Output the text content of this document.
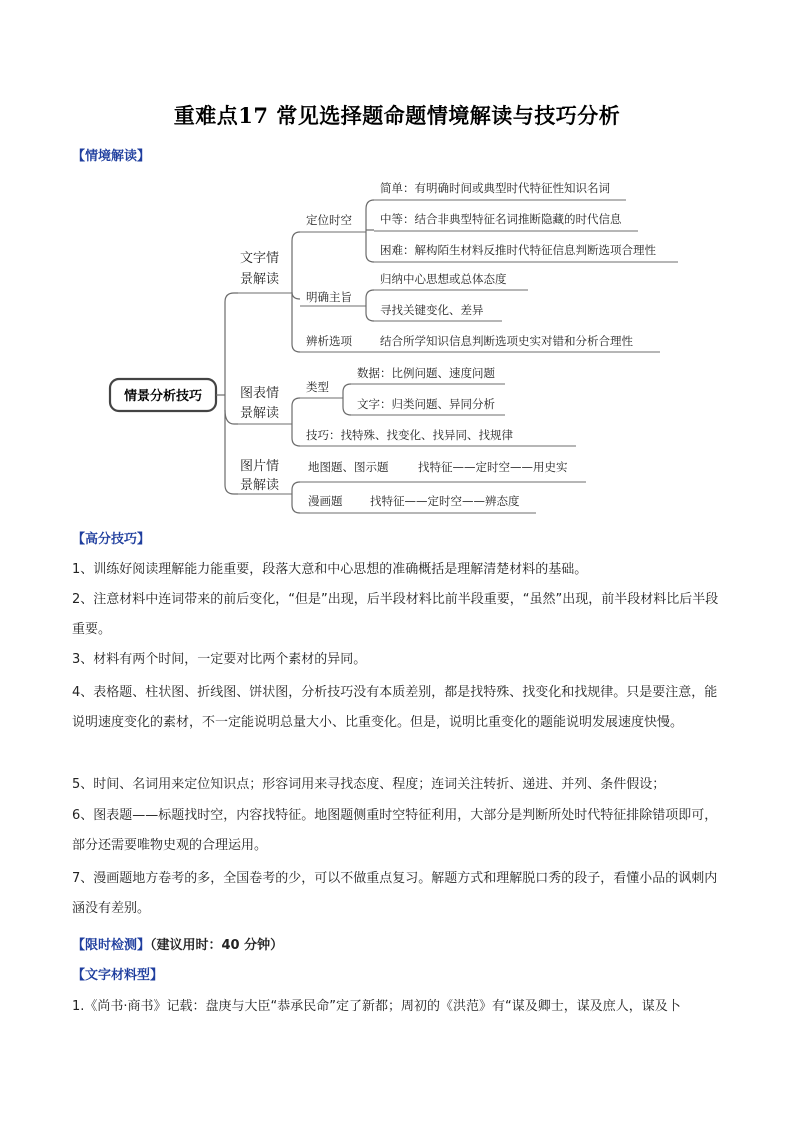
重难点17 常见选择题命题情境解读与技巧分析
【情境解读】
情景分析技巧
文字情
景解读
图表情
景解读
图片情
景解读
定位时空
明确主旨
辨析选项 结合所学知识信息判断选项史实对错和分析合理性
简单：有明确时间或典型时代特征性知识名词
中等：结合非典型特征名词推断隐藏的时代信息
困难：解构陌生材料反推时代特征信息判断选项合理性
归纳中心思想或总体态度
寻找关键变化、差异
类型
技巧：找特殊、找变化、找异同、找规律
数据：比例问题、速度问题
文字：归类问题、异同分析
地图题、图示题	找特征——定时空——用史实
漫画题 找特征——定时空——辨态度
【高分技巧】

1、训练好阅读理解能力能重要，段落大意和中心思想的准确概括是理解清楚材料的基础。

2、注意材料中连词带来的前后变化，“但是”出现，后半段材料比前半段重要，“虽然”出现，前半段材料比后半段重要。

3、材料有两个时间，一定要对比两个素材的异同。

4、表格题、柱状图、折线图、饼状图，分析技巧没有本质差别，都是找特殊、找变化和找规律。只是要注意，能说明速度变化的素材，不一定能说明总量大小、比重变化。但是，说明比重变化的题能说明发展速度快慢。

5、时间、名词用来定位知识点；形容词用来寻找态度、程度；连词关注转折、递进、并列、条件假设；

6、图表题——标题找时空，内容找特征。地图题侧重时空特征利用，大部分是判断所处时代特征排除错项即可，部分还需要唯物史观的合理运用。

7、漫画题地方卷考的多，全国卷考的少，可以不做重点复习。解题方式和理解脱口秀的段子，看懂小品的讽刺内涵没有差别。

【限时检测】（建议用时：40 分钟）
【文字材料型】

1.《尚书·商书》记载：盘庚与大臣“恭承民命”定了新都；周初的《洪范》有“谋及卿士，谋及庶人，谋及卜
